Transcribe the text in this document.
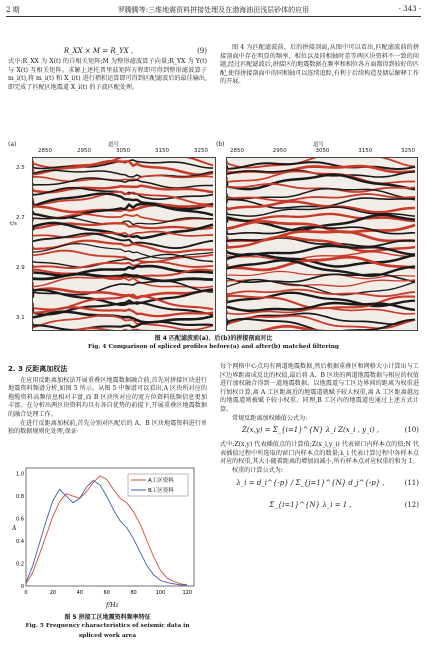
2 期	罗腾腾等:三维地震资料拼接处理及在渤海油田浅层砂体的应用	· 343 ·
R_XX × M = R_YX ,	(9)

式中:R_XX 为 X(t) 的自相关矩阵;M 为整形滤波算子向量;R_YX 为 Y(t) 与 X(t) 互相关矩阵。求解上述托普里兹矩阵方程即可得到整形滤波算子 m_i(t),将 m_i(t) 和 X_i(t) 进行褶积运算即可得到匹配滤波后的最佳输出,即完成了匹配区地震道 X_i(t) 的子波匹配处理。

图 4 为匹配滤波前、后的拼接剖面,从图中可以看出,匹配滤波前的拼接剖面中存在明显的频率、相位以及同相轴时差等两区块资料不一致的问题,经过匹配滤波后,拼接区的地震数据在频率和相位各方面都得到较好的匹配,使得拼接剖面中的同相轴可以连续追踪,有利于后续构造及储层解释工作的开展。

(a)	(b)
道号	道号
2850	2950	3050	3150	3250	2850	2950	3050	3150	3250
t/s
2.5
2.7
2.9
3.1
图 4 匹配滤波前(a)、后(b)的拼接剖面对比
Fig. 4 Comparison of spliced profiles before(a) and after(b) matched filtering
2. 3 反距离加权法

在应用反距离加权法开展重叠区地震数据融合前,首先对拼接区块进行地震资料频谱分析,如图 5 所示。从图 5 中频谱可以看出,A 区块所对应的拖缆资料高频信息相对丰富,而 B 区块所对应的宽方位资料低频信息更加丰富。在分析出两区块资料均具有各自优势的前提下,开展重叠区地震数据的融合处理工作。

在进行反距离加权前,首先分别对匹配后的 A、B 区块地震资料进行单独的数据规则化处理,保证

0
0.2
0.4
0.6
0.8
1.0
0	20	40	60	80	100	120
A
f/Hz
A工区资料
B工区资料
图 5 拼接工区地震资料频率特征
Fig. 5 Frequency characteristics of seismic data in
spliced work area

每个网格中心点均有两道地震数据,然后根据重叠区和网格大小计算出与工区边界距离成反比的权值,最后将 A、B 区块的两道地震数据与相应的权值进行加权融合得到一道地震数据。以地震道与工区边界间的距离为权重进行加权计算,离 A 工区距离近的地震道就赋予较大权重,离 A 工区距离越远的地震道则被赋予较小权重。同理,B 工区内的地震道也通过上述方式计算。

常规反距离加权插值公式为:

Z(x,y) = Σ_{i=1}^{N} λ_i Z(x_i , y_i) ,	(10)

式中:Z(x,y) 代表插值点的计算值;Z(x_i,y_i) 代表窗口内样本点的值;N 代表插值过程中所选取的窗口内样本点的数量;λ_i 代表计算过程中各样本点对应的权重,其大小随着距离的增加而减小,所有样本点对应权重的和为 1。

权重的计算公式为:

λ_i = d_i^{-p} / Σ_{j=1}^{N} d_j^{-p} ,	(11)
Σ_{i=1}^{N} λ_i = 1 ,	(12)
